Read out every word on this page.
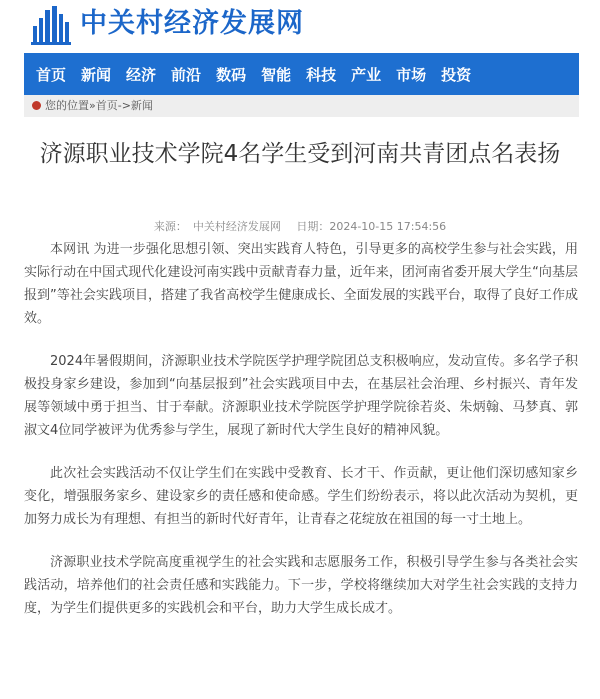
中关村经济发展网
首页 新闻 经济 前沿 数码 智能 科技 产业 市场 投资
您的位置»首页->新闻
济源职业技术学院4名学生受到河南共青团点名表扬
来源： 中关村经济发展网 日期：2024-10-15 17:54:56

本网讯 为进一步强化思想引领、突出实践育人特色，引导更多的高校学生参与社会实践，用实际行动在中国式现代化建设河南实践中贡献青春力量，近年来，团河南省委开展大学生“向基层报到”等社会实践项目，搭建了我省高校学生健康成长、全面发展的实践平台，取得了良好工作成效。

2024年暑假期间，济源职业技术学院医学护理学院团总支积极响应，发动宣传。多名学子积极投身家乡建设，参加到“向基层报到”社会实践项目中去，在基层社会治理、乡村振兴、青年发展等领域中勇于担当、甘于奉献。济源职业技术学院医学护理学院徐若炎、朱炳翰、马梦真、郭淑文4位同学被评为优秀参与学生，展现了新时代大学生良好的精神风貌。

此次社会实践活动不仅让学生们在实践中受教育、长才干、作贡献，更让他们深切感知家乡变化，增强服务家乡、建设家乡的责任感和使命感。学生们纷纷表示，将以此次活动为契机，更加努力成长为有理想、有担当的新时代好青年，让青春之花绽放在祖国的每一寸土地上。

济源职业技术学院高度重视学生的社会实践和志愿服务工作，积极引导学生参与各类社会实践活动，培养他们的社会责任感和实践能力。下一步，学校将继续加大对学生社会实践的支持力度，为学生们提供更多的实践机会和平台，助力大学生成长成才。
